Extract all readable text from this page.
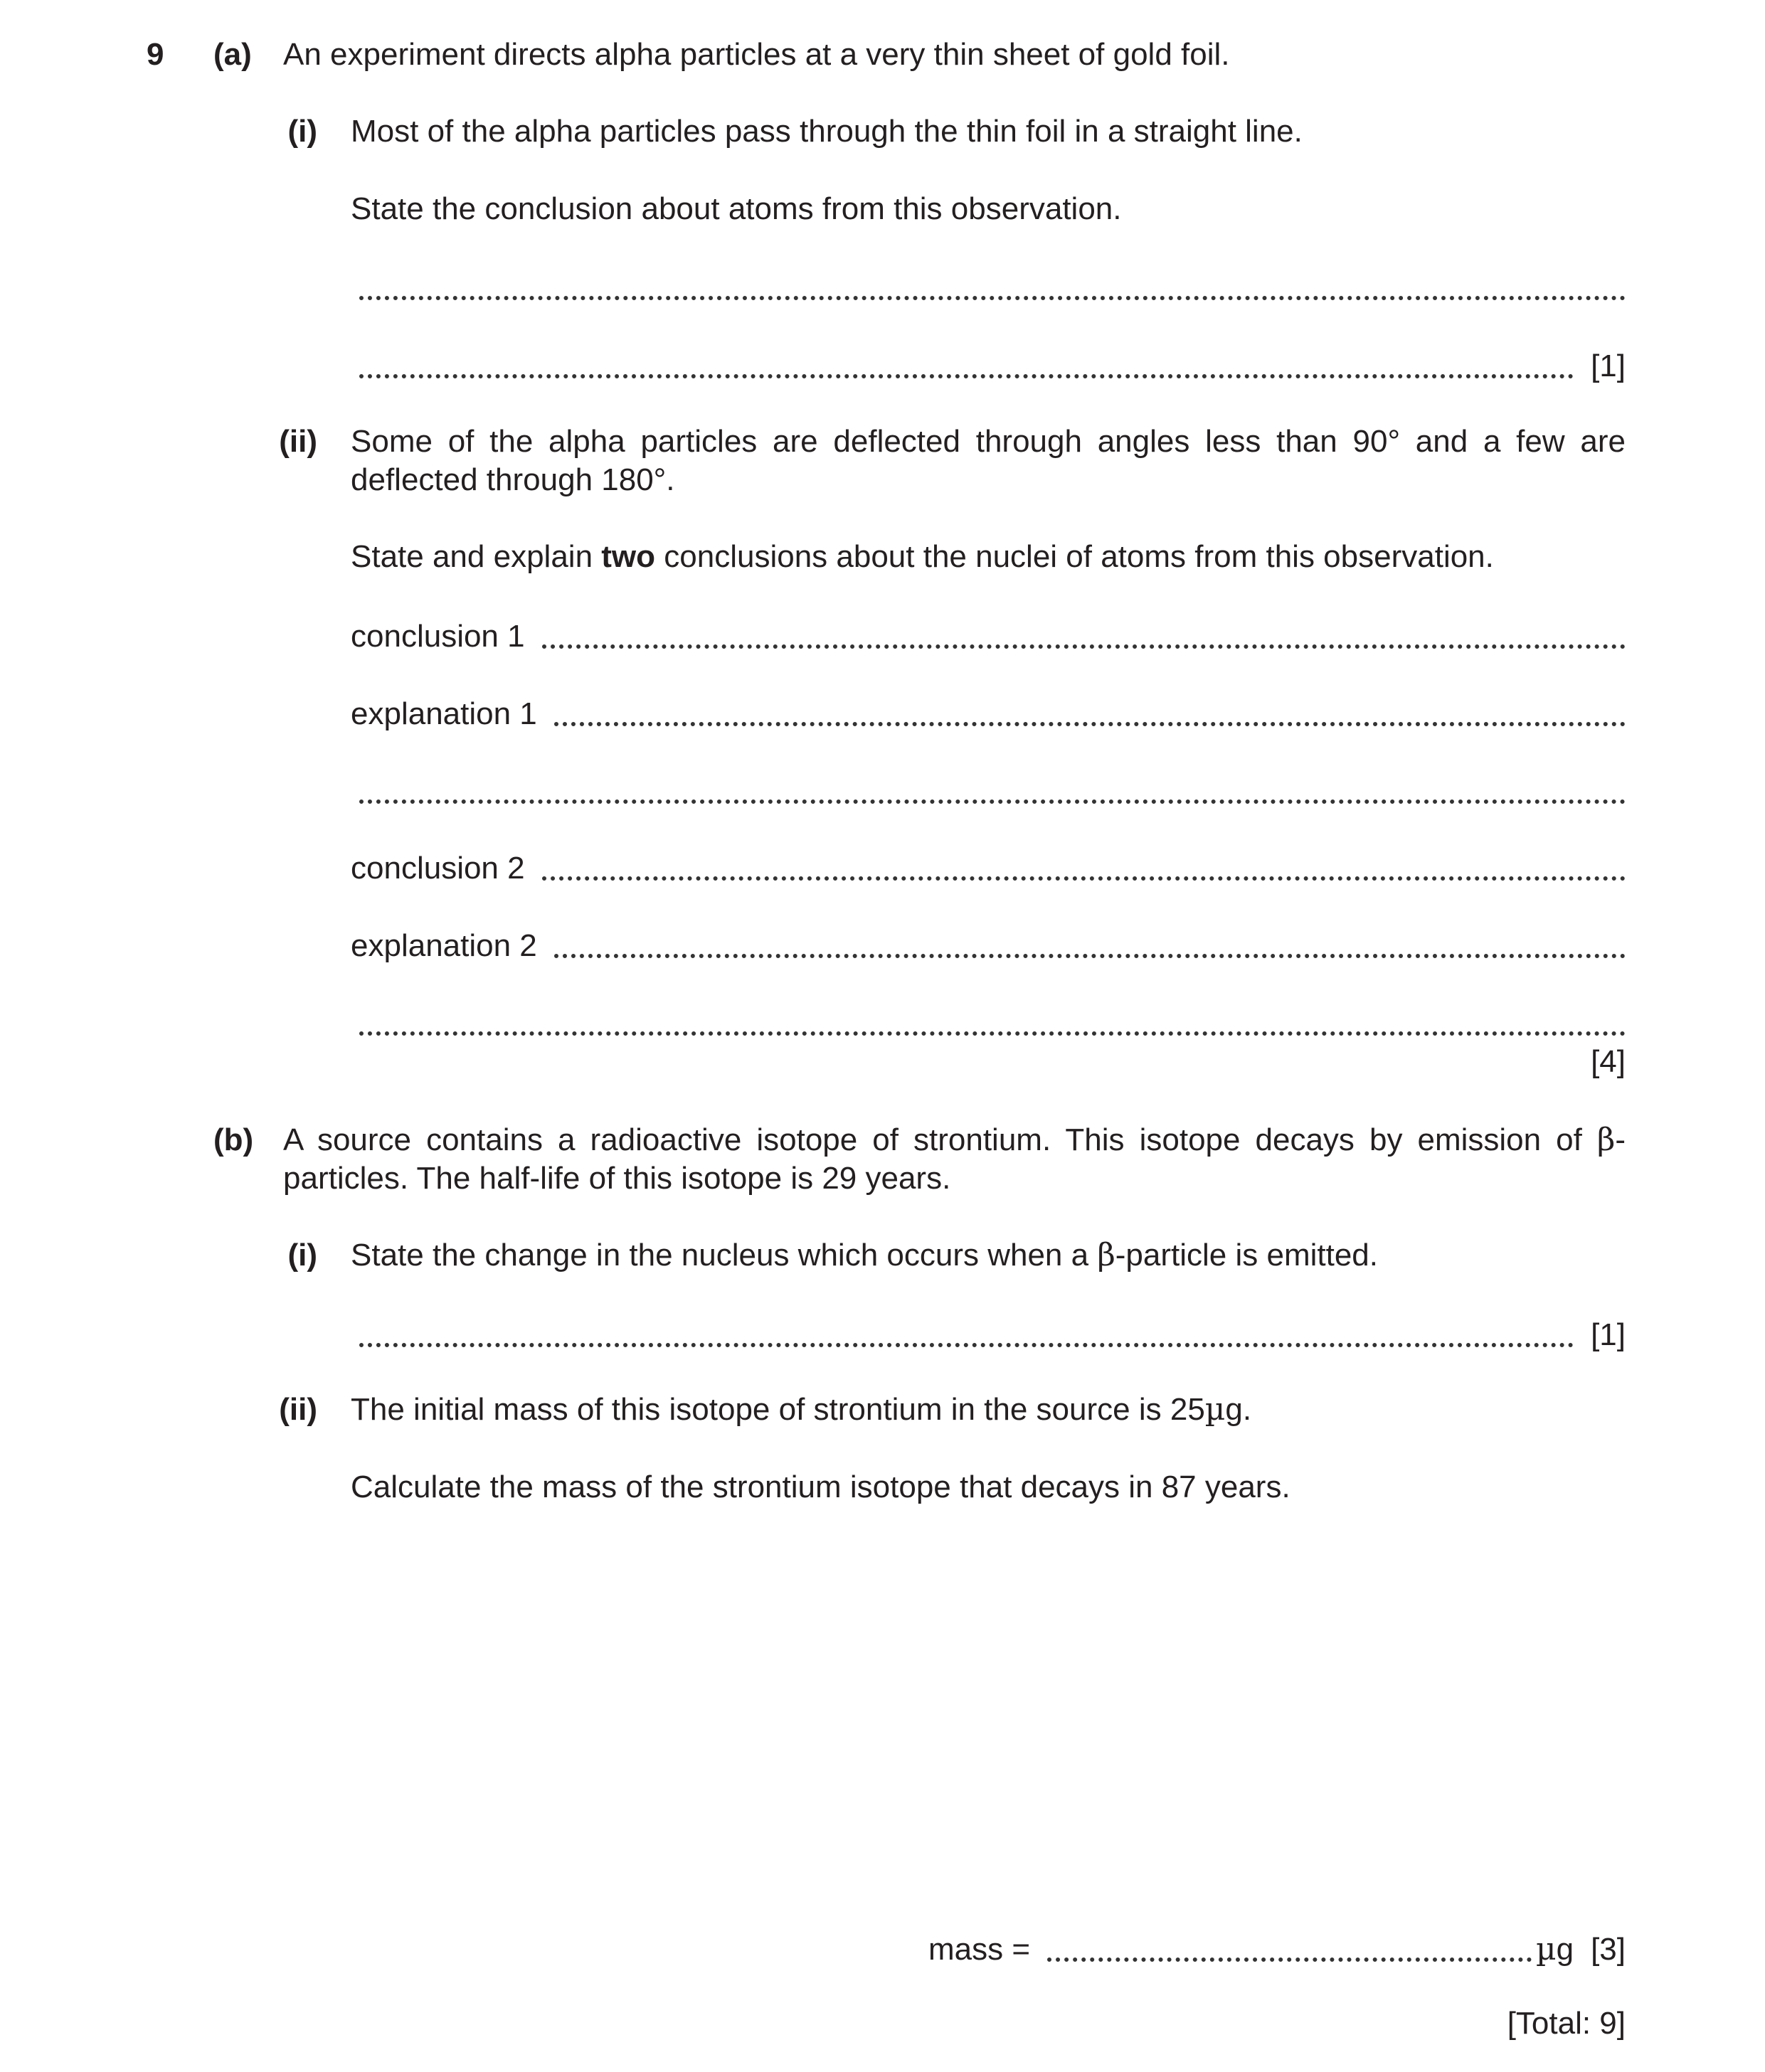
9 (a) An experiment directs alpha particles at a very thin sheet of gold foil.
(i) Most of the alpha particles pass through the thin foil in a straight line.
State the conclusion about atoms from this observation.
[1]
(ii) Some of the alpha particles are deflected through angles less than 90° and a few are deflected through 180°.
State and explain two conclusions about the nuclei of atoms from this observation.
conclusion 1
explanation 1
conclusion 2
explanation 2
[4]
(b) A source contains a radioactive isotope of strontium. This isotope decays by emission of β-particles. The half-life of this isotope is 29 years.
(i) State the change in the nucleus which occurs when a β-particle is emitted.
[1]
(ii) The initial mass of this isotope of strontium in the source is 25µg.
Calculate the mass of the strontium isotope that decays in 87 years.
mass =	µg [3]
[Total: 9]
